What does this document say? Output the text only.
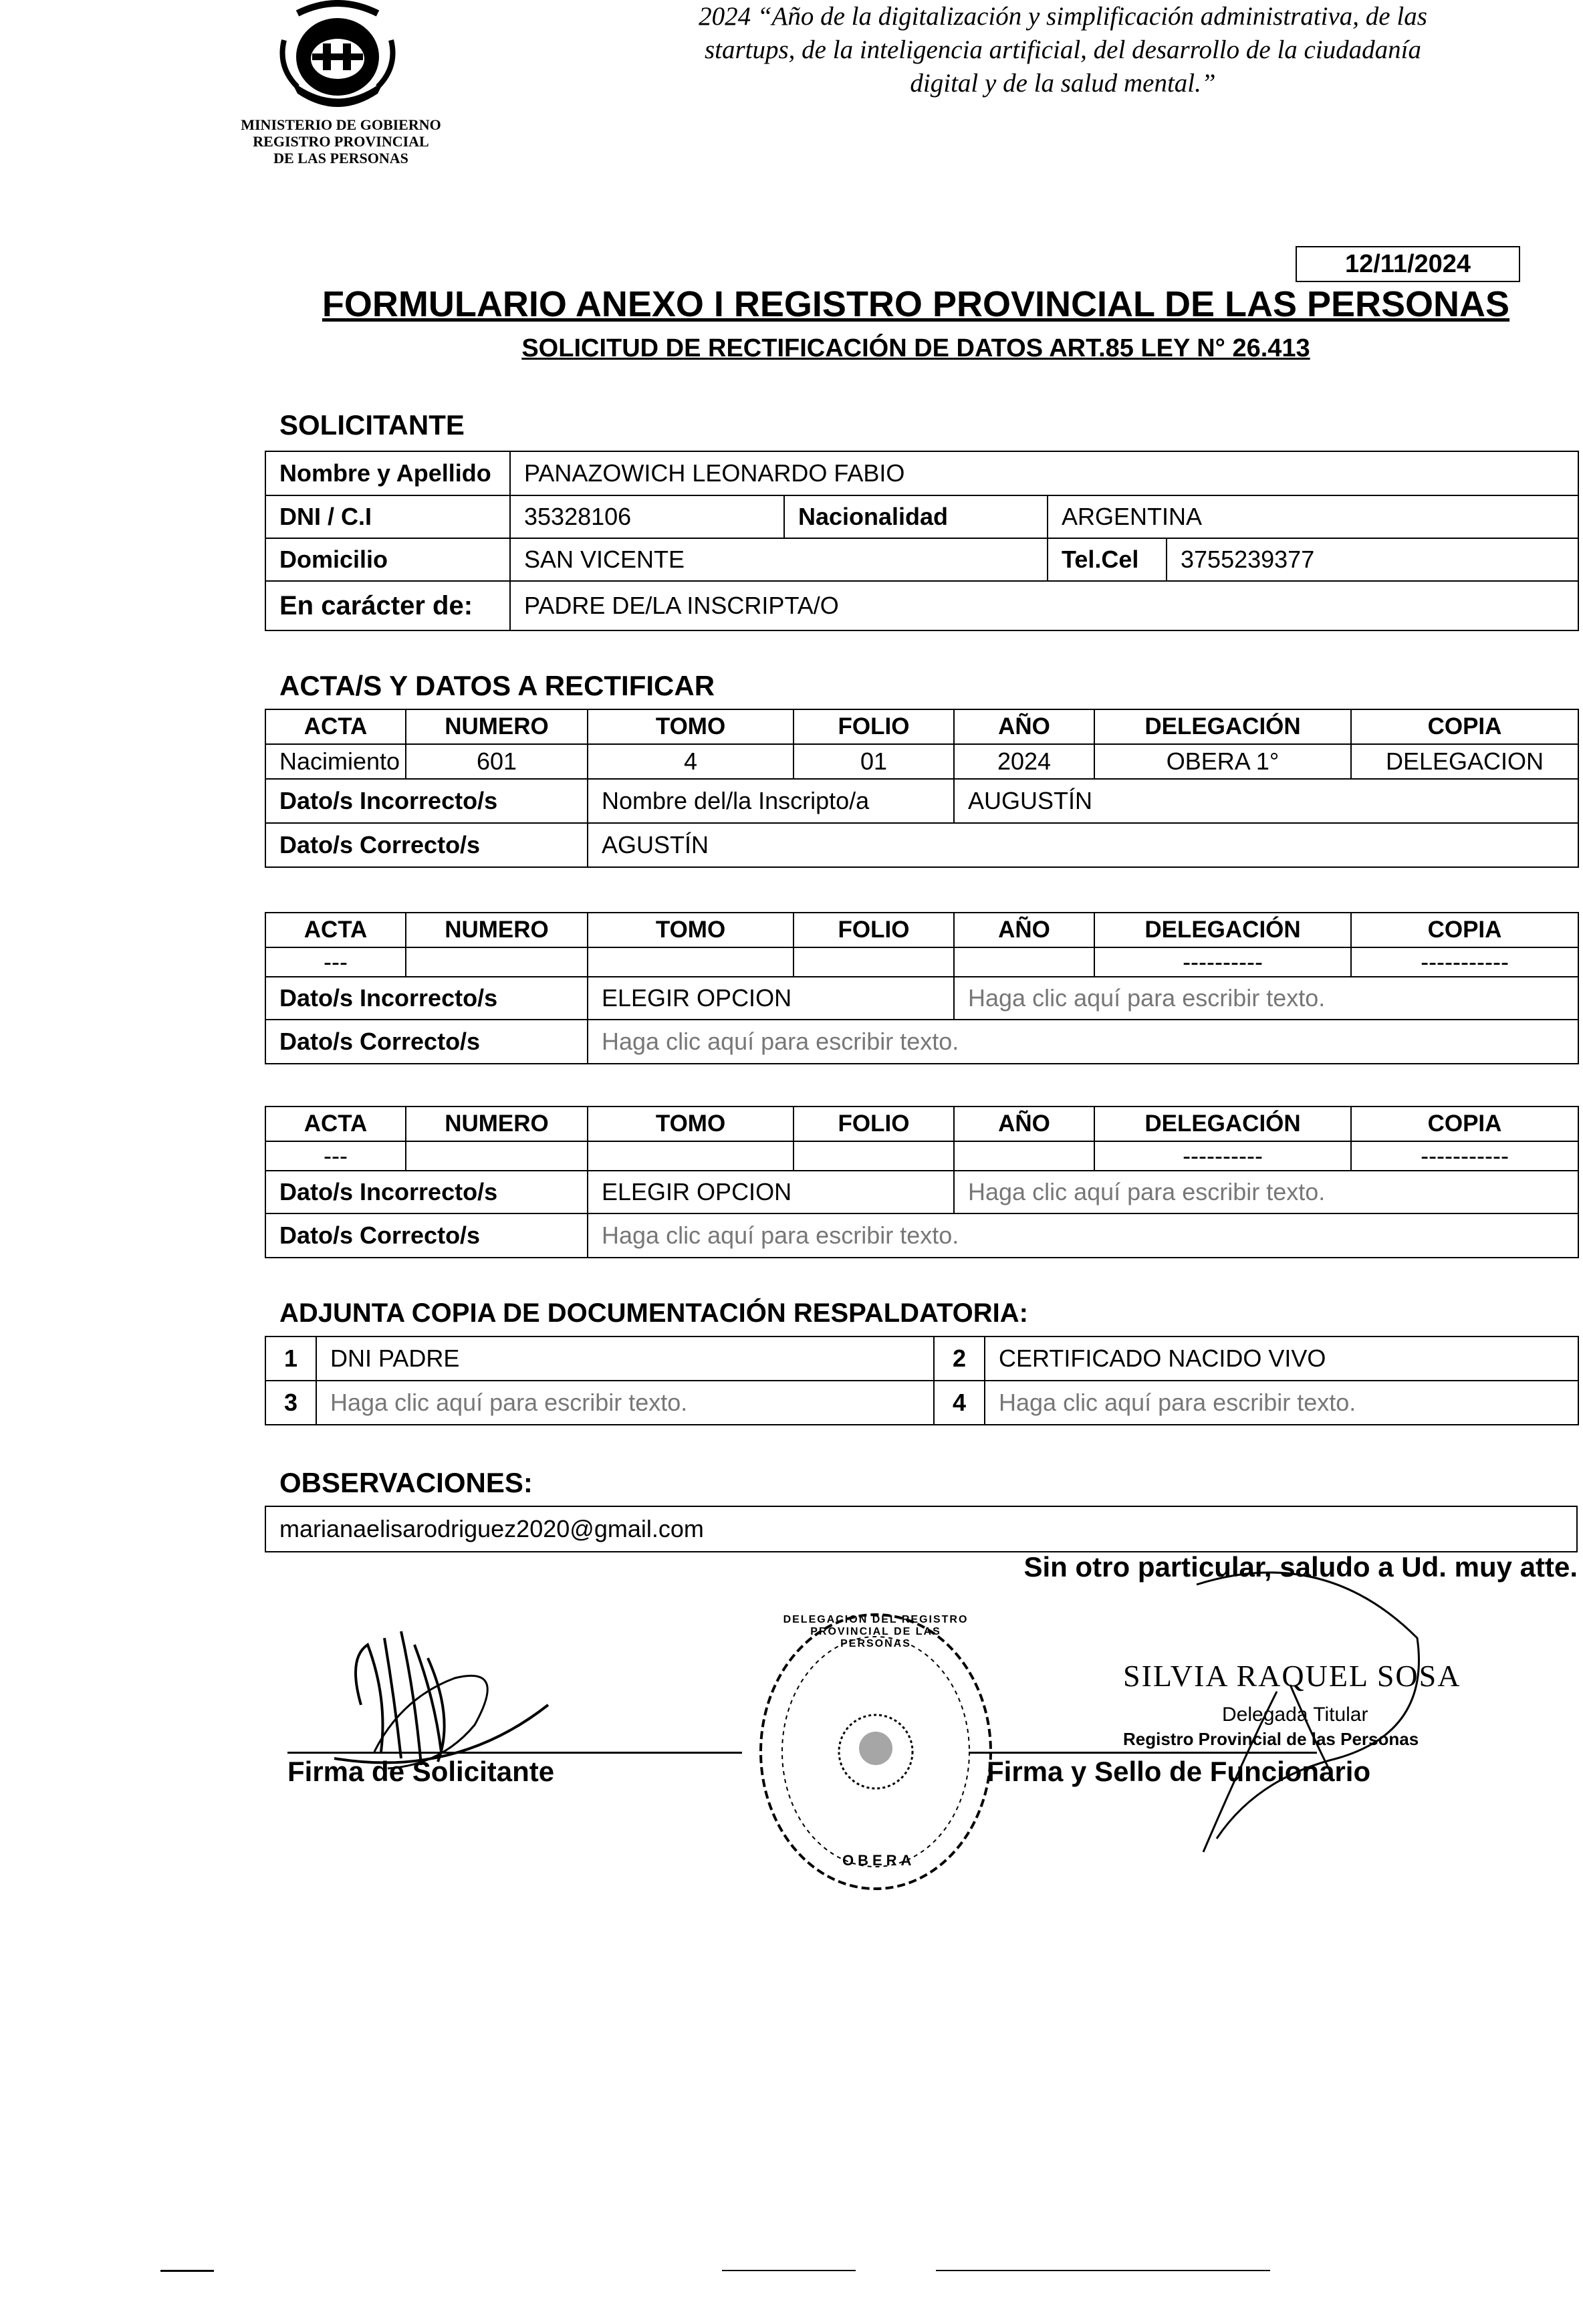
MINISTERIO DE GOBIERNO
REGISTRO PROVINCIAL
DE LAS PERSONAS
2024 “Año de la digitalización y simplificación administrativa, de las
startups, de la inteligencia artificial, del desarrollo de la ciudadanía
digital y de la salud mental.”
12/11/2024
FORMULARIO ANEXO I REGISTRO PROVINCIAL DE LAS PERSONAS
SOLICITUD DE RECTIFICACIÓN DE DATOS ART.85 LEY N° 26.413
SOLICITANTE
Nombre y Apellido	PANAZOWICH LEONARDO FABIO			
DNI / C.I	35328106	Nacionalidad	ARGENTINA	
Domicilio	SAN VICENTE		Tel.Cel	3755239377
En carácter de:	PADRE DE/LA INSCRIPTA/O			
ACTA/S Y DATOS A RECTIFICAR
ACTA	NUMERO	TOMO	FOLIO	AÑO	DELEGACIÓN	COPIA
Nacimiento	601	4	01	2024	OBERA 1°	DELEGACION
Dato/s Incorrecto/s		Nombre del/la Inscripto/a		AUGUSTÍN		
Dato/s Correcto/s		AGUSTÍN				
ACTA	NUMERO	TOMO	FOLIO	AÑO	DELEGACIÓN	COPIA
---					----------	-----------
Dato/s Incorrecto/s		ELEGIR OPCION		Haga clic aquí para escribir texto.		
Dato/s Correcto/s		Haga clic aquí para escribir texto.				
ACTA	NUMERO	TOMO	FOLIO	AÑO	DELEGACIÓN	COPIA
---					----------	-----------
Dato/s Incorrecto/s		ELEGIR OPCION		Haga clic aquí para escribir texto.		
Dato/s Correcto/s		Haga clic aquí para escribir texto.				
ADJUNTA COPIA DE DOCUMENTACIÓN RESPALDATORIA:
1	DNI PADRE	2	CERTIFICADO NACIDO VIVO
3	Haga clic aquí para escribir texto.	4	Haga clic aquí para escribir texto.
OBSERVACIONES:
marianaelisarodriguez2020@gmail.com
Sin otro particular, saludo a Ud. muy atte.
Firma de Solicitante
DELEGACION DEL REGISTRO PROVINCIAL DE LAS PERSONAS
OBERA
SILVIA RAQUEL SOSA
Delegada Titular
Registro Provincial de las Personas
Firma y Sello de Funcionario
